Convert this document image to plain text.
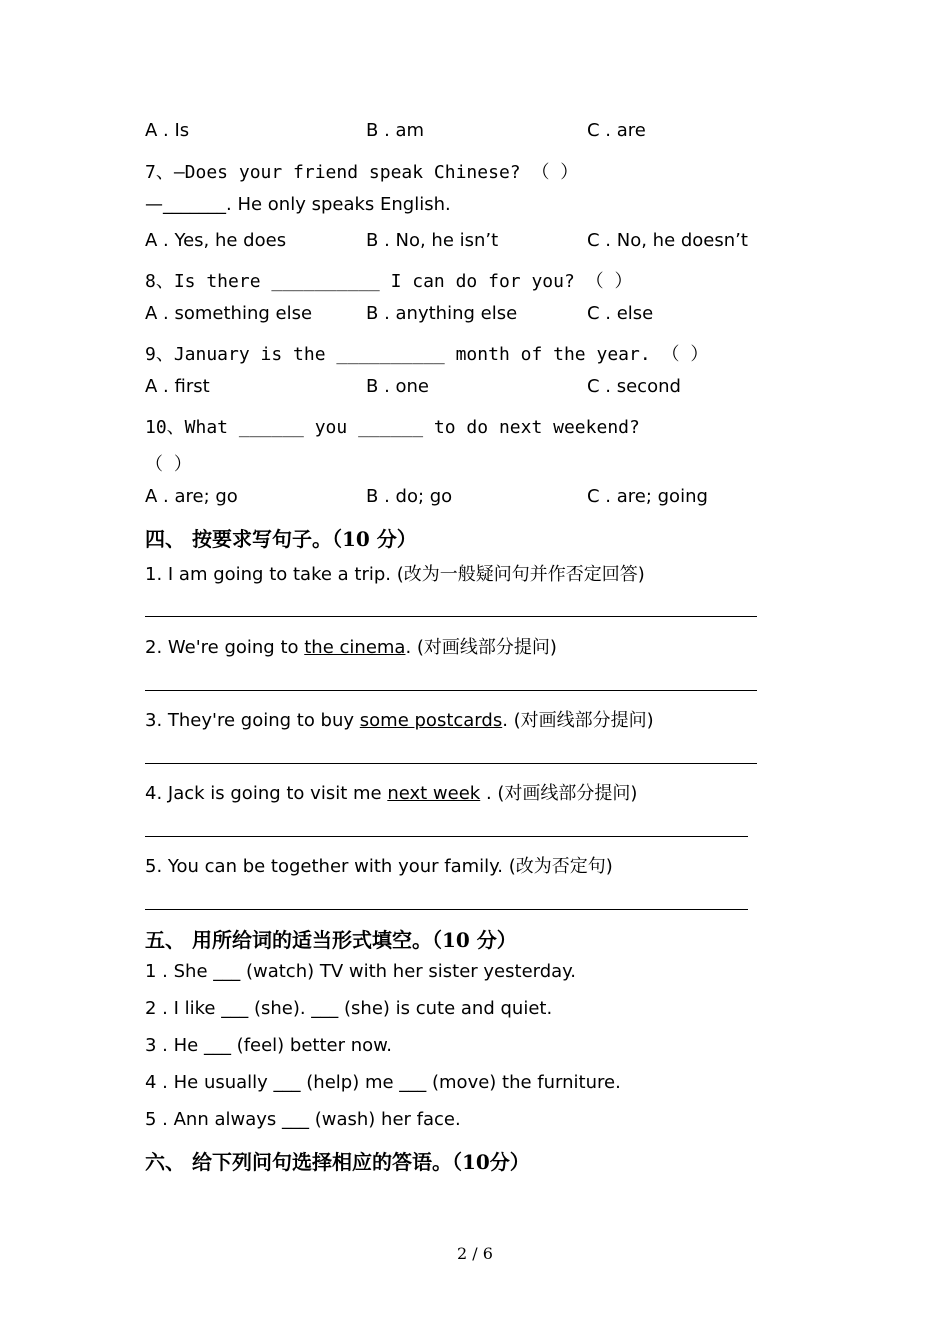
A . Is	B . am	C . are
7、—Does your friend speak Chinese? （ ）
—_______. He only speaks English.
A . Yes, he does	B . No, he isn’t	C . No, he doesn’t
8、Is there __________ I can do for you? （ ）
A . something else	B . anything else	C . else
9、January is the __________ month of the year. （ ）
A . first	B . one	C . second
10、What ______ you ______ to do next weekend?
（ ）
A . are; go	B . do; go	C . are; going
四、 按要求写句子。（10 分）
1. I am going to take a trip. (改为一般疑问句并作否定回答)
2. We're going to the cinema. (对画线部分提问)
3. They're going to buy some postcards. (对画线部分提问)
4. Jack is going to visit me next week . (对画线部分提问)
5. You can be together with your family. (改为否定句)
五、 用所给词的适当形式填空。（10 分）
1 . She ___ (watch) TV with her sister yesterday.
2 . I like ___ (she). ___ (she) is cute and quiet.
3 . He ___ (feel) better now.
4 . He usually ___ (help) me ___ (move) the furniture.
5 . Ann always ___ (wash) her face.
六、 给下列问句选择相应的答语。（10分）
2 / 6
